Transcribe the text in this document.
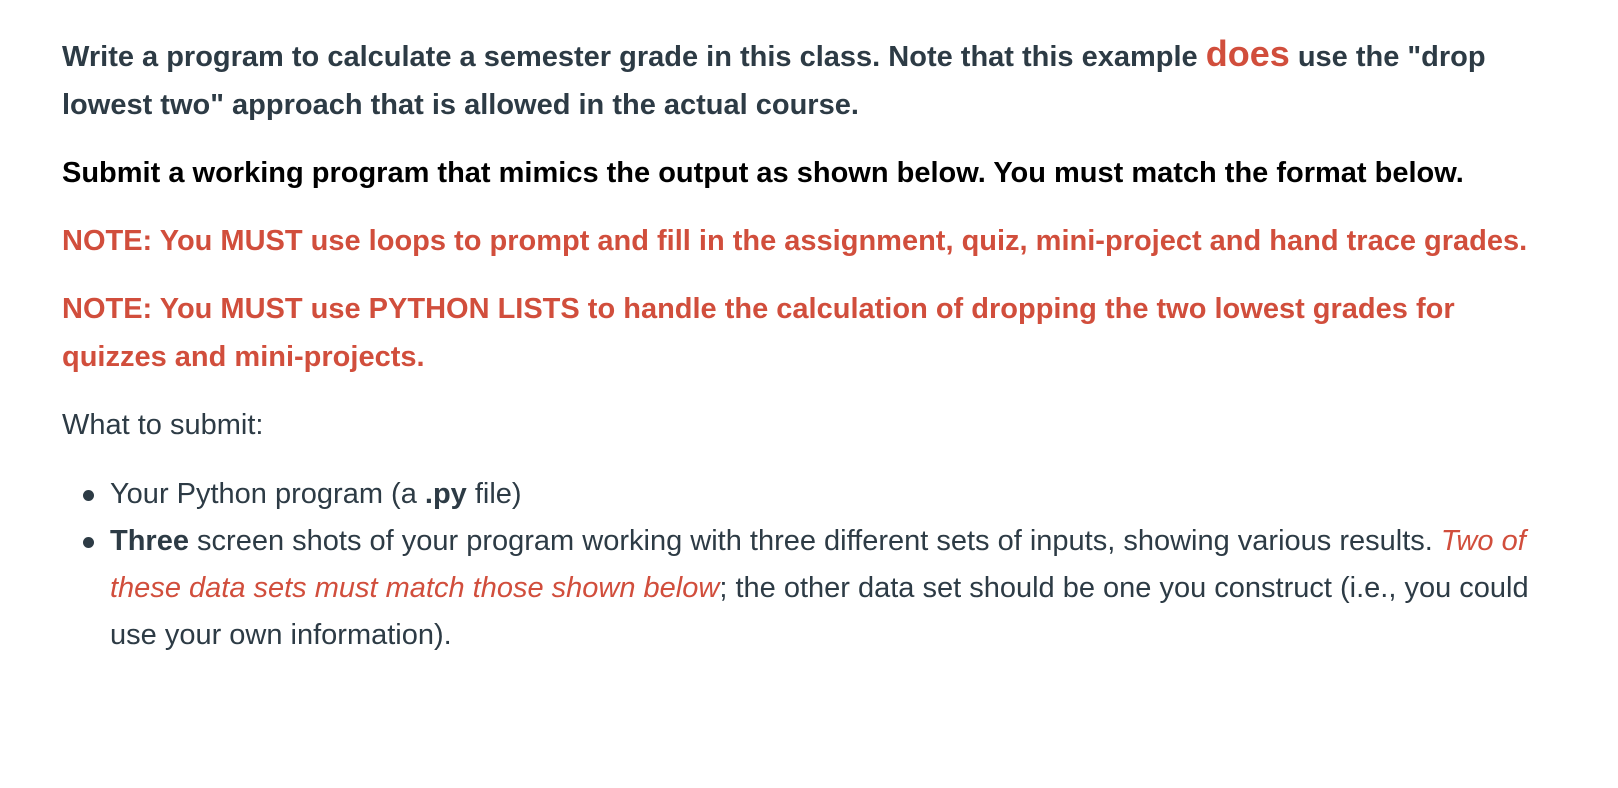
Write a program to calculate a semester grade in this class. Note that this example does use the "drop lowest two" approach that is allowed in the actual course.

Submit a working program that mimics the output as shown below. You must match the format below.

NOTE: You MUST use loops to prompt and fill in the assignment, quiz, mini-project and hand trace grades.

NOTE: You MUST use PYTHON LISTS to handle the calculation of dropping the two lowest grades for quizzes and mini-projects.

What to submit:

Your Python program (a .py file)
Three screen shots of your program working with three different sets of inputs, showing various results. Two of these data sets must match those shown below; the other data set should be one you construct (i.e., you could use your own information).
